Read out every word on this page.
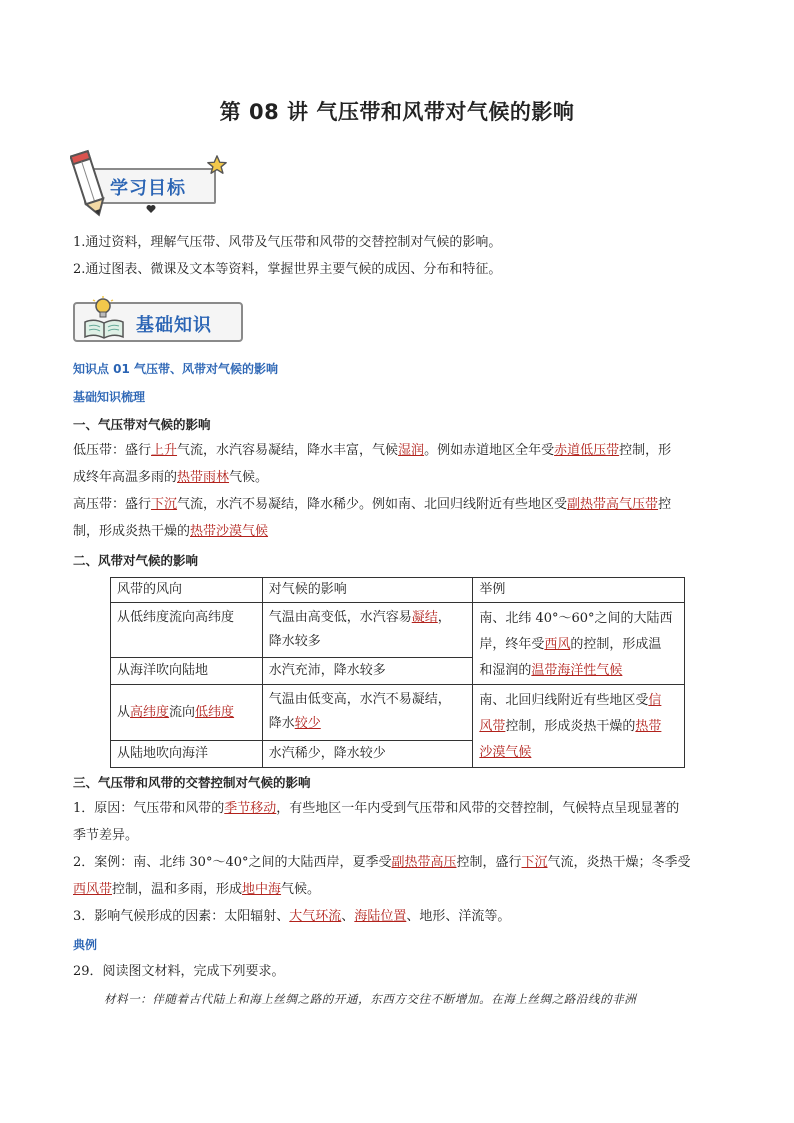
第 08 讲 气压带和风带对气候的影响
学习目标
1.通过资料，理解气压带、风带及气压带和风带的交替控制对气候的影响。
2.通过图表、微课及文本等资料，掌握世界主要气候的成因、分布和特征。
基础知识
知识点 01 气压带、风带对气候的影响
基础知识梳理
一、气压带对气候的影响
低压带：盛行上升气流，水汽容易凝结，降水丰富，气候湿润。例如赤道地区全年受赤道低压带控制，形
成终年高温多雨的热带雨林气候。
高压带：盛行下沉气流，水汽不易凝结，降水稀少。例如南、北回归线附近有些地区受副热带高气压带控
制，形成炎热干燥的热带沙漠气候
二、风带对气候的影响
风带的风向	对气候的影响	举例
从低纬度流向高纬度	气温由高变低，水汽容易凝结，
降水较多	南、北纬 40°～60°之间的大陆西
岸，终年受西风的控制，形成温
和湿润的温带海洋性气候
从海洋吹向陆地	水汽充沛，降水较多	
从高纬度流向低纬度	气温由低变高，水汽不易凝结，
降水较少	南、北回归线附近有些地区受信
风带控制，形成炎热干燥的热带
沙漠气候
从陆地吹向海洋	水汽稀少，降水较少	
三、气压带和风带的交替控制对气候的影响
1．原因：气压带和风带的季节移动，有些地区一年内受到气压带和风带的交替控制，气候特点呈现显著的
季节差异。
2．案例：南、北纬 30°～40°之间的大陆西岸，夏季受副热带高压控制，盛行下沉气流，炎热干燥；冬季受
西风带控制，温和多雨，形成地中海气候。
3．影响气候形成的因素：太阳辐射、大气环流、海陆位置、地形、洋流等。
典例
29．阅读图文材料，完成下列要求。
材料一：伴随着古代陆上和海上丝绸之路的开通，东西方交往不断增加。在海上丝绸之路沿线的非洲
